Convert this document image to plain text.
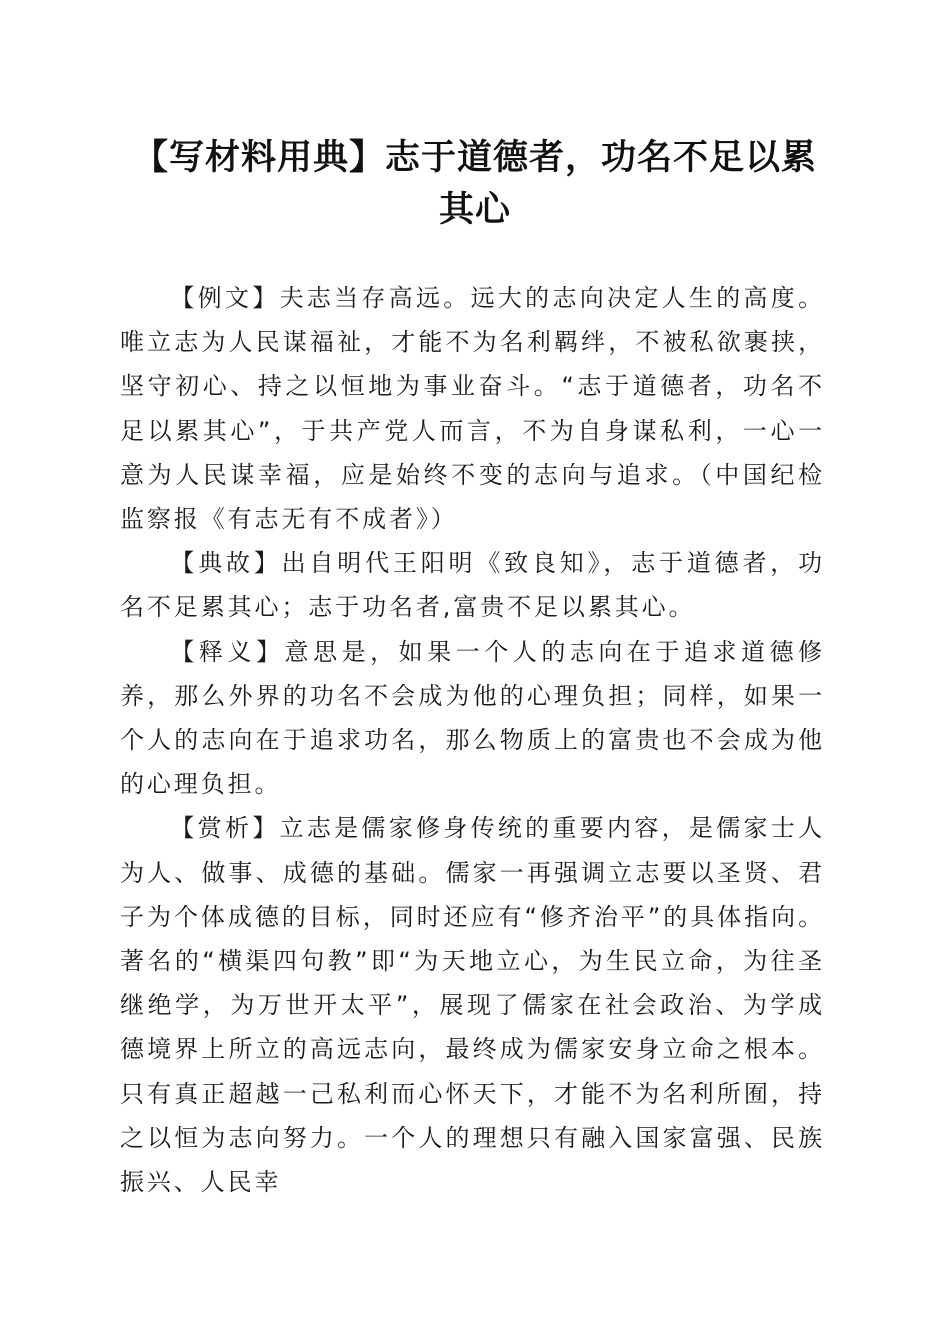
【写材料用典】志于道德者，功名不足以累其心

【例文】夫志当存高远。远大的志向决定人生的高度。唯立志为人民谋福祉，才能不为名利羁绊，不被私欲裹挟，坚守初心、持之以恒地为事业奋斗。“志于道德者，功名不足以累其心”，于共产党人而言，不为自身谋私利，一心一意为人民谋幸福，应是始终不变的志向与追求。（中国纪检监察报《有志无有不成者》）

【典故】出自明代王阳明《致良知》，志于道德者，功名不足累其心；志于功名者,富贵不足以累其心。

【释义】意思是，如果一个人的志向在于追求道德修养，那么外界的功名不会成为他的心理负担；同样，如果一个人的志向在于追求功名，那么物质上的富贵也不会成为他的心理负担。

【赏析】立志是儒家修身传统的重要内容，是儒家士人为人、做事、成德的基础。儒家一再强调立志要以圣贤、君子为个体成德的目标，同时还应有“修齐治平”的具体指向。著名的“横渠四句教”即“为天地立心，为生民立命，为往圣继绝学，为万世开太平”，展现了儒家在社会政治、为学成德境界上所立的高远志向，最终成为儒家安身立命之根本。只有真正超越一己私利而心怀天下，才能不为名利所囿，持之以恒为志向努力。一个人的理想只有融入国家富强、民族振兴、人民幸
